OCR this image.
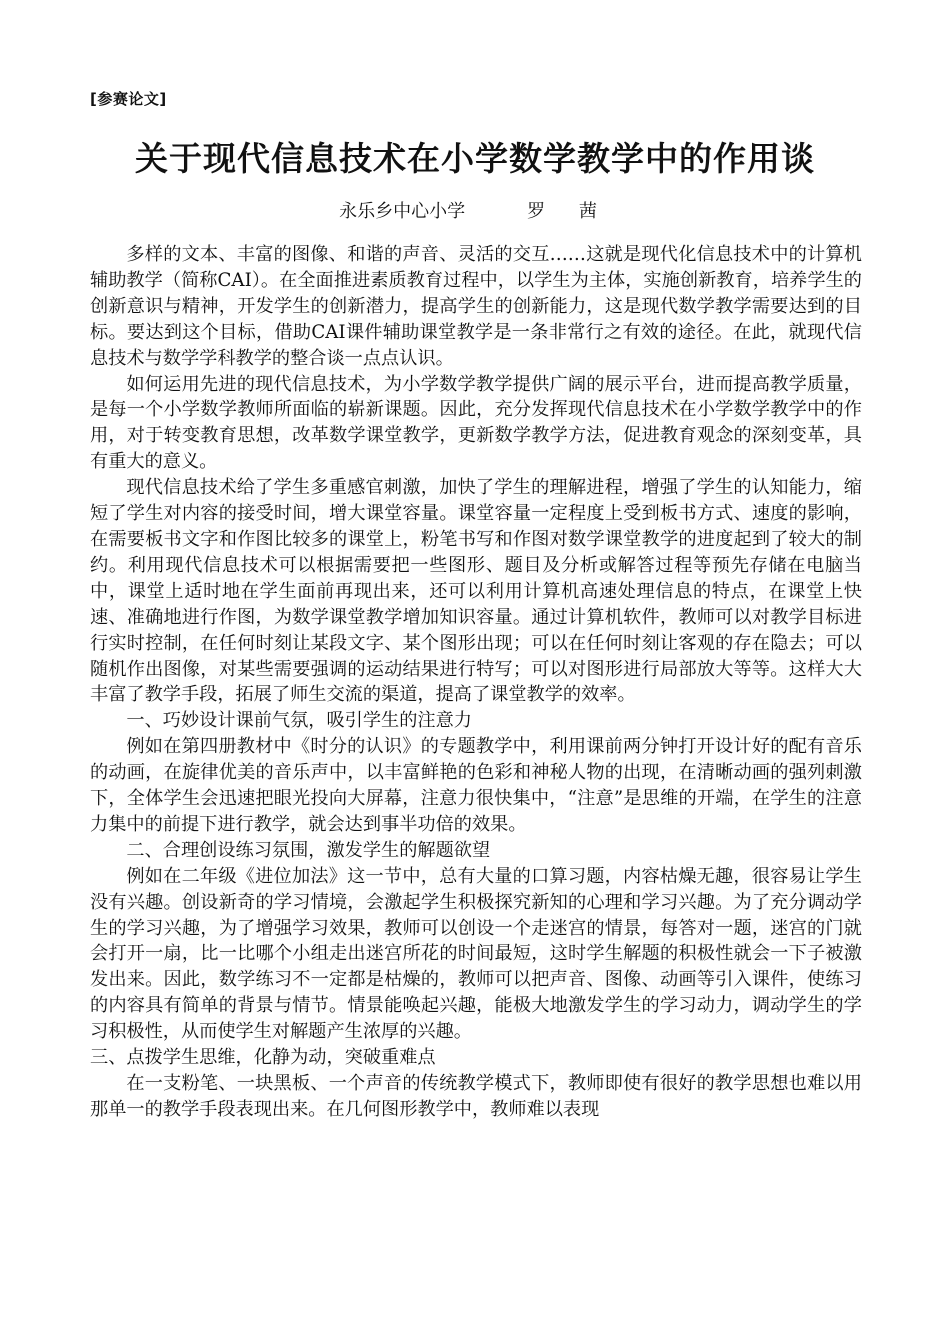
[参赛论文]
关于现代信息技术在小学数学教学中的作用谈
永乐乡中心小学	罗 茜

多样的文本、丰富的图像、和谐的声音、灵活的交互……这就是现代化信息技术中的计算机辅助教学（简称CAI）。在全面推进素质教育过程中，以学生为主体，实施创新教育，培养学生的创新意识与精神，开发学生的创新潜力，提高学生的创新能力，这是现代数学教学需要达到的目标。要达到这个目标，借助CAI课件辅助课堂教学是一条非常行之有效的途径。在此，就现代信息技术与数学学科教学的整合谈一点点认识。

如何运用先进的现代信息技术，为小学数学教学提供广阔的展示平台，进而提高教学质量，是每一个小学数学教师所面临的崭新课题。因此，充分发挥现代信息技术在小学数学教学中的作用，对于转变教育思想，改革数学课堂教学，更新数学教学方法，促进教育观念的深刻变革，具有重大的意义。

现代信息技术给了学生多重感官刺激，加快了学生的理解进程，增强了学生的认知能力，缩短了学生对内容的接受时间，增大课堂容量。课堂容量一定程度上受到板书方式、速度的影响，在需要板书文字和作图比较多的课堂上，粉笔书写和作图对数学课堂教学的进度起到了较大的制约。利用现代信息技术可以根据需要把一些图形、题目及分析或解答过程等预先存储在电脑当中，课堂上适时地在学生面前再现出来，还可以利用计算机高速处理信息的特点，在课堂上快速、准确地进行作图，为数学课堂教学增加知识容量。通过计算机软件，教师可以对教学目标进行实时控制，在任何时刻让某段文字、某个图形出现；可以在任何时刻让客观的存在隐去；可以随机作出图像，对某些需要强调的运动结果进行特写；可以对图形进行局部放大等等。这样大大丰富了教学手段，拓展了师生交流的渠道，提高了课堂教学的效率。

一、巧妙设计课前气氛，吸引学生的注意力

例如在第四册教材中《时分的认识》的专题教学中，利用课前两分钟打开设计好的配有音乐的动画，在旋律优美的音乐声中，以丰富鲜艳的色彩和神秘人物的出现，在清晰动画的强列刺激下，全体学生会迅速把眼光投向大屏幕，注意力很快集中，“注意”是思维的开端，在学生的注意力集中的前提下进行教学，就会达到事半功倍的效果。

二、合理创设练习氛围，激发学生的解题欲望

例如在二年级《进位加法》这一节中，总有大量的口算习题，内容枯燥无趣，很容易让学生没有兴趣。创设新奇的学习情境，会激起学生积极探究新知的心理和学习兴趣。为了充分调动学生的学习兴趣，为了增强学习效果，教师可以创设一个走迷宫的情景，每答对一题，迷宫的门就会打开一扇，比一比哪个小组走出迷宫所花的时间最短，这时学生解题的积极性就会一下子被激发出来。因此，数学练习不一定都是枯燥的，教师可以把声音、图像、动画等引入课件，使练习的内容具有简单的背景与情节。情景能唤起兴趣，能极大地激发学生的学习动力，调动学生的学习积极性，从而使学生对解题产生浓厚的兴趣。

三、点拨学生思维，化静为动，突破重难点

在一支粉笔、一块黑板、一个声音的传统教学模式下，教师即使有很好的教学思想也难以用那单一的教学手段表现出来。在几何图形教学中，教师难以表现
